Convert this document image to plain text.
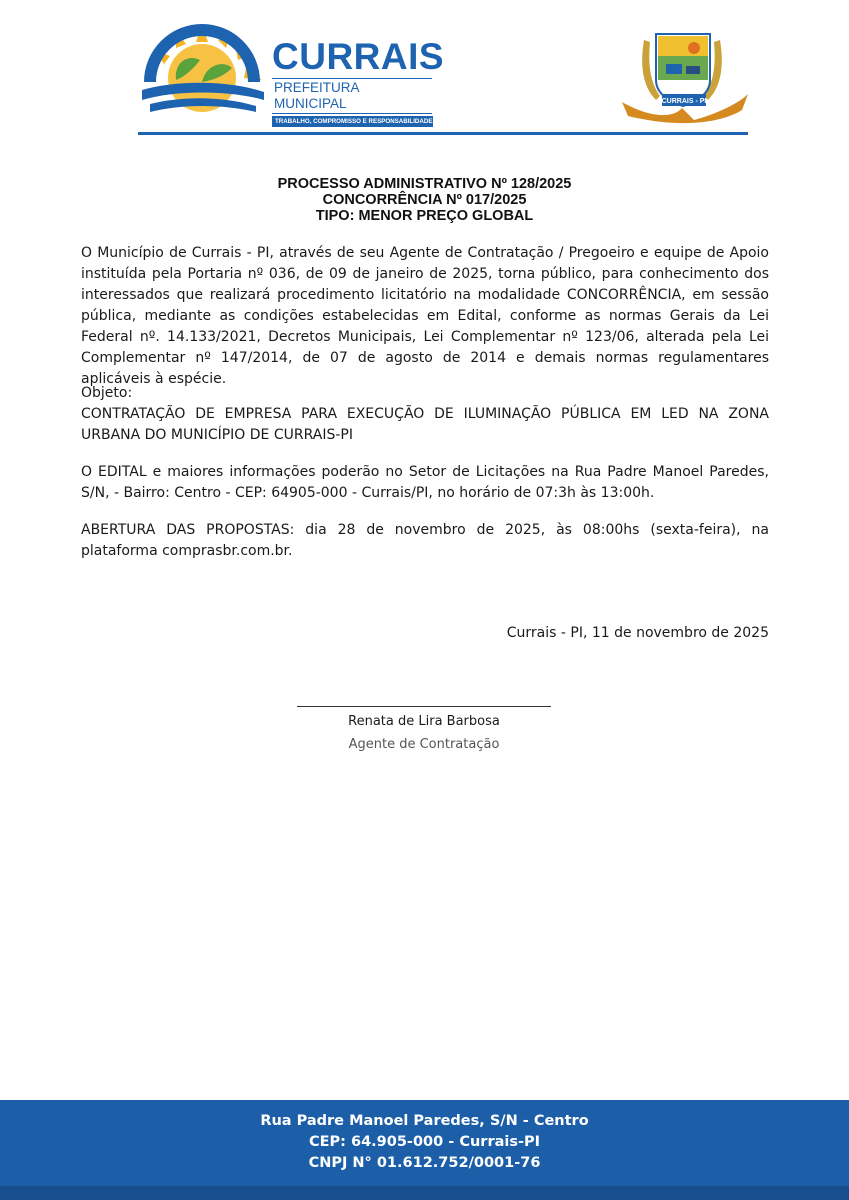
CURRAIS
PREFEITURA MUNICIPAL
TRABALHO, COMPROMISSO E RESPONSABILIDADE
CURRAIS - PI
PROCESSO ADMINISTRATIVO Nº 128/2025
CONCORRÊNCIA Nº 017/2025
TIPO: MENOR PREÇO GLOBAL
O Município de Currais - PI, através de seu Agente de Contratação / Pregoeiro e equipe de Apoio instituída pela Portaria nº 036, de 09 de janeiro de 2025, torna público, para conhecimento dos interessados que realizará procedimento licitatório na modalidade CONCORRÊNCIA, em sessão pública, mediante as condições estabelecidas em Edital, conforme as normas Gerais da Lei Federal nº. 14.133/2021, Decretos Municipais, Lei Complementar nº 123/06, alterada pela Lei Complementar nº 147/2014, de 07 de agosto de 2014 e demais normas regulamentares aplicáveis à espécie.
Objeto:
CONTRATAÇÃO DE EMPRESA PARA EXECUÇÃO DE ILUMINAÇÃO PÚBLICA EM LED NA ZONA URBANA DO MUNICÍPIO DE CURRAIS-PI
O EDITAL e maiores informações poderão no Setor de Licitações na Rua Padre Manoel Paredes, S/N, - Bairro: Centro - CEP: 64905-000 - Currais/PI, no horário de 07:3h às 13:00h.
ABERTURA DAS PROPOSTAS: dia 28 de novembro de 2025, às 08:00hs (sexta-feira), na plataforma comprasbr.com.br.
Currais - PI, 11 de novembro de 2025
Renata de Lira Barbosa
Agente de Contratação
Rua Padre Manoel Paredes, S/N - Centro
CEP: 64.905-000 - Currais-PI
CNPJ N° 01.612.752/0001-76
